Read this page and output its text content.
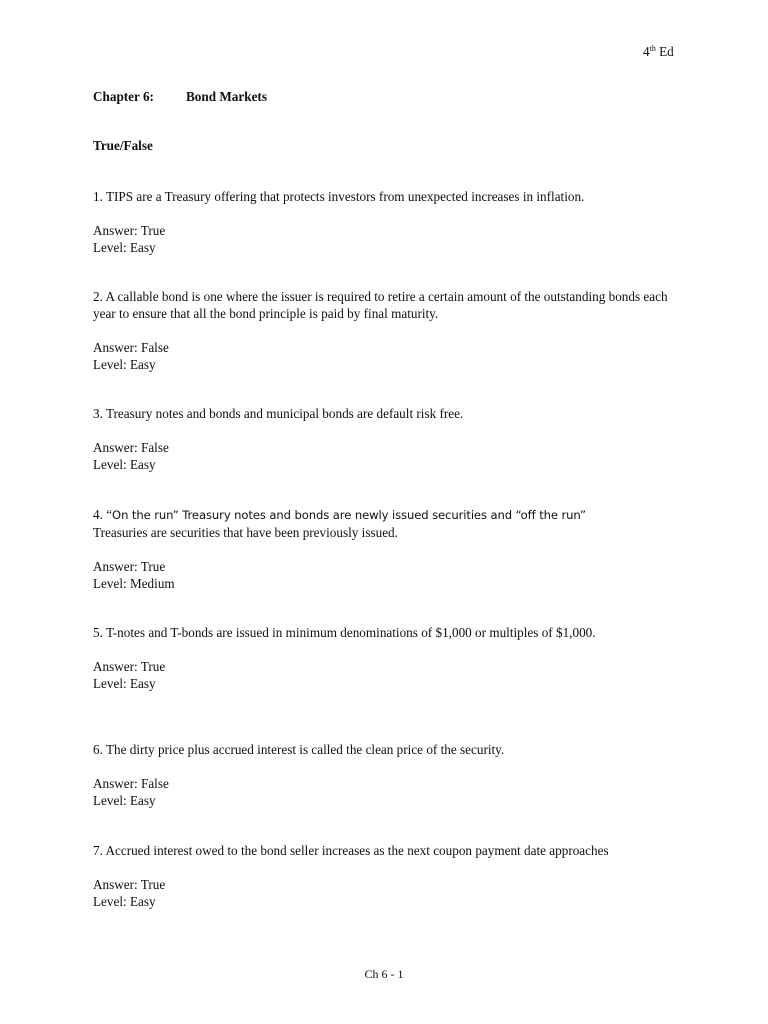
4th Ed
Chapter 6: Bond Markets
True/False

1. TIPS are a Treasury offering that protects investors from unexpected increases in inflation.

Answer: True

Level: Easy

2. A callable bond is one where the issuer is required to retire a certain amount of the outstanding bonds each year to ensure that all the bond principle is paid by final maturity.

Answer: False

Level: Easy

3. Treasury notes and bonds and municipal bonds are default risk free.

Answer: False

Level: Easy

4. “On the run” Treasury notes and bonds are newly issued securities and “off the run”

Treasuries are securities that have been previously issued.

Answer: True

Level: Medium

5. T-notes and T-bonds are issued in minimum denominations of $1,000 or multiples of $1,000.

Answer: True

Level: Easy

6. The dirty price plus accrued interest is called the clean price of the security.

Answer: False

Level: Easy

7. Accrued interest owed to the bond seller increases as the next coupon payment date approaches

Answer: True

Level: Easy

Ch 6 - 1
